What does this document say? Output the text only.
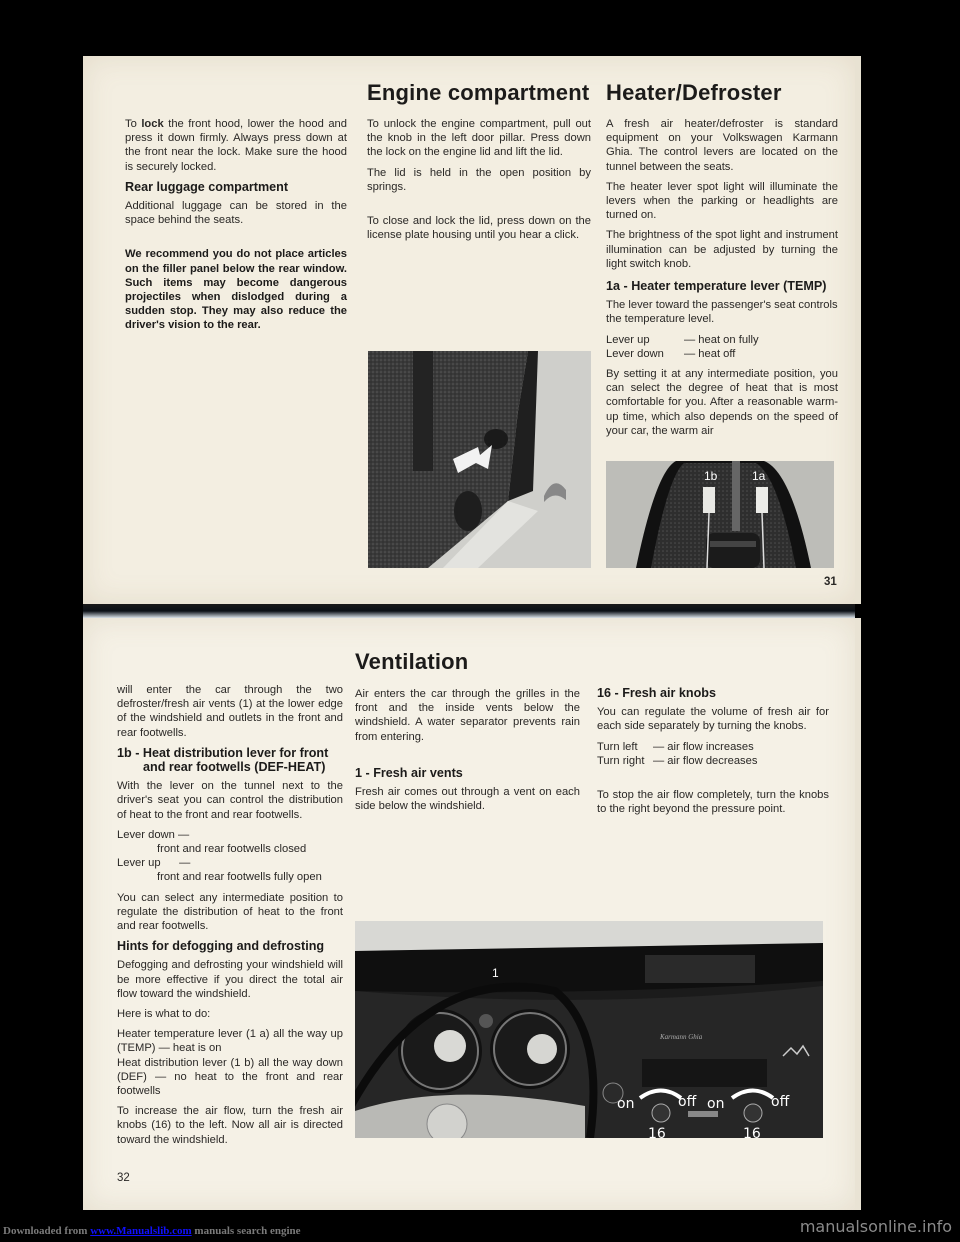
To lock the front hood, lower the hood and press it down firmly. Always press down at the front near the lock. Make sure the hood is securely locked.

Rear luggage compartment

Additional luggage can be stored in the space behind the seats.

We recommend you do not place articles on the filler panel below the rear window. Such items may become dangerous projectiles when dislodged during a sudden stop. They may also reduce the driver's vision to the rear.

Engine compartment

To unlock the engine compartment, pull out the knob in the left door pillar. Press down the lock on the engine lid and lift the lid.

The lid is held in the open position by springs.

To close and lock the lid, press down on the license plate housing until you hear a click.

Heater/Defroster

A fresh air heater/defroster is standard equipment on your Volkswagen Karmann Ghia. The control levers are located on the tunnel between the seats.

The heater lever spot light will illuminate the levers when the parking or headlights are turned on.

The brightness of the spot light and instrument illumination can be adjusted by turning the light switch knob.

1a - Heater temperature lever (TEMP)

The lever toward the passenger's seat controls the temperature level.

Lever up	— heat on fully
Lever down	— heat off

By setting it at any intermediate position, you can select the degree of heat that is most comfortable for you. After a reasonable warm-up time, which also depends on the speed of your car, the warm air

1b	1a
31

will enter the car through the two defroster/fresh air vents (1) at the lower edge of the windshield and outlets in the front and rear footwells.

1b - Heat distribution lever for front and rear footwells (DEF-HEAT)

With the lever on the tunnel next to the driver's seat you can control the distribution of heat to the front and rear footwells.

Lever down —
front and rear footwells closed
Lever up      —
front and rear footwells fully open

You can select any intermediate position to regulate the distribution of heat to the front and rear footwells.

Hints for defogging and defrosting

Defogging and defrosting your windshield will be more effective if you direct the total air flow toward the windshield.

Here is what to do:

Heater temperature lever (1 a) all the way up (TEMP) — heat is on

Heat distribution lever (1 b) all the way down (DEF) — no heat to the front and rear footwells

To increase the air flow, turn the fresh air knobs (16) to the left. Now all air is directed toward the windshield.

32
Ventilation

Air enters the car through the grilles in the front and the inside vents below the windshield. A water separator prevents rain from entering.

1 - Fresh air vents

Fresh air comes out through a vent on each side below the windshield.

16 - Fresh air knobs

You can regulate the volume of fresh air for each side separately by turning the knobs.

Turn left	— air flow increases
Turn right — air flow decreases

To stop the air flow completely, turn the knobs to the right beyond the pressure point.

Karmann Ghia
1
on	off on	off
16	16
Downloaded from www.Manualslib.com manuals search engine	manualsonline.info
